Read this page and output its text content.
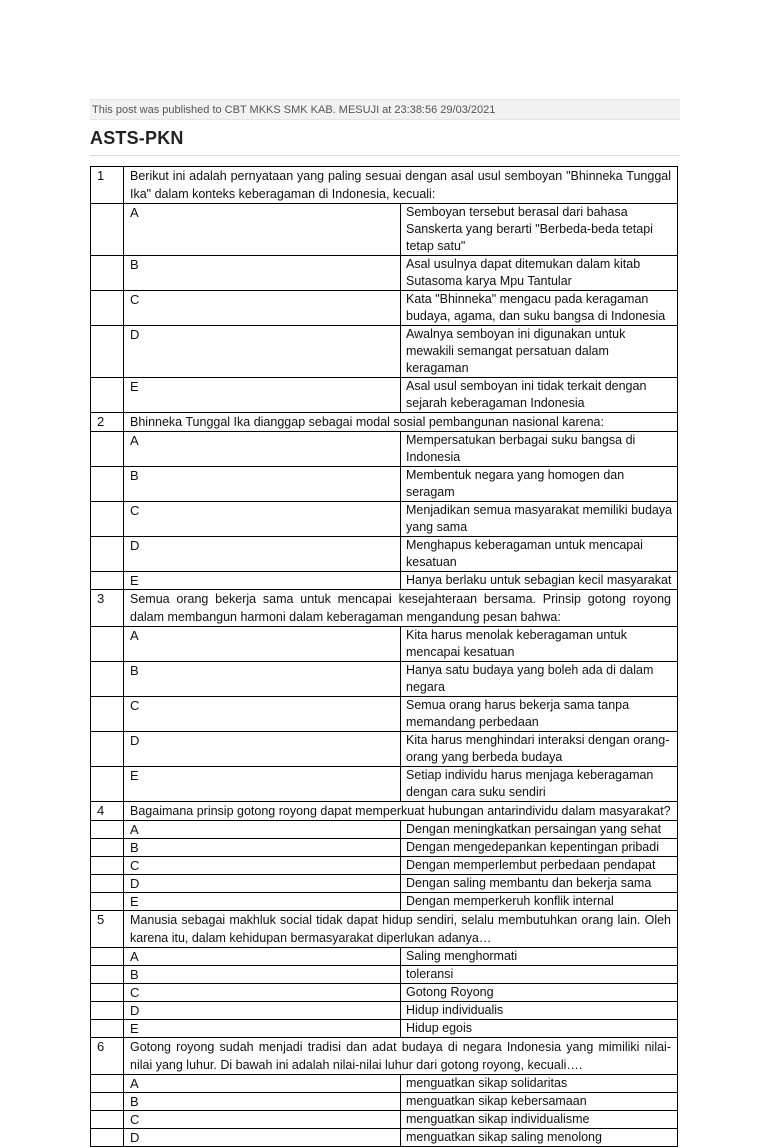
This post was published to CBT MKKS SMK KAB. MESUJI at 23:38:56 29/03/2021
ASTS-PKN
1	Berikut ini adalah pernyataan yang paling sesuai dengan asal usul semboyan "Bhinneka Tunggal Ika" dalam konteks keberagaman di Indonesia, kecuali:	
	A	Semboyan tersebut berasal dari bahasa Sanskerta yang berarti "Berbeda-beda tetapi tetap satu"
	B	Asal usulnya dapat ditemukan dalam kitab Sutasoma karya Mpu Tantular
	C	Kata "Bhinneka" mengacu pada keragaman budaya, agama, dan suku bangsa di Indonesia
	D	Awalnya semboyan ini digunakan untuk mewakili semangat persatuan dalam keragaman
	E	Asal usul semboyan ini tidak terkait dengan sejarah keberagaman Indonesia
2	Bhinneka Tunggal Ika dianggap sebagai modal sosial pembangunan nasional karena:	
	A	Mempersatukan berbagai suku bangsa di Indonesia
	B	Membentuk negara yang homogen dan seragam
	C	Menjadikan semua masyarakat memiliki budaya yang sama
	D	Menghapus keberagaman untuk mencapai kesatuan
	E	Hanya berlaku untuk sebagian kecil masyarakat
3	Semua orang bekerja sama untuk mencapai kesejahteraan bersama. Prinsip gotong royong dalam membangun harmoni dalam keberagaman mengandung pesan bahwa:	
	A	Kita harus menolak keberagaman untuk mencapai kesatuan
	B	Hanya satu budaya yang boleh ada di dalam negara
	C	Semua orang harus bekerja sama tanpa memandang perbedaan
	D	Kita harus menghindari interaksi dengan orang-orang yang berbeda budaya
	E	Setiap individu harus menjaga keberagaman dengan cara suku sendiri
4	Bagaimana prinsip gotong royong dapat memperkuat hubungan antarindividu dalam masyarakat?	
	A	Dengan meningkatkan persaingan yang sehat
	B	Dengan mengedepankan kepentingan pribadi
	C	Dengan memperlembut perbedaan pendapat
	D	Dengan saling membantu dan bekerja sama
	E	Dengan memperkeruh konflik internal
5	Manusia sebagai makhluk social tidak dapat hidup sendiri, selalu membutuhkan orang lain. Oleh karena itu, dalam kehidupan bermasyarakat diperlukan adanya…	
	A	Saling menghormati
	B	toleransi
	C	Gotong Royong
	D	Hidup individualis
	E	Hidup egois
6	Gotong royong sudah menjadi tradisi dan adat budaya di negara Indonesia yang mimiliki nilai-nilai yang luhur. Di bawah ini adalah nilai-nilai luhur dari gotong royong, kecuali….	
	A	menguatkan sikap solidaritas
	B	menguatkan sikap kebersamaan
	C	menguatkan sikap individualisme
	D	menguatkan sikap saling menolong
